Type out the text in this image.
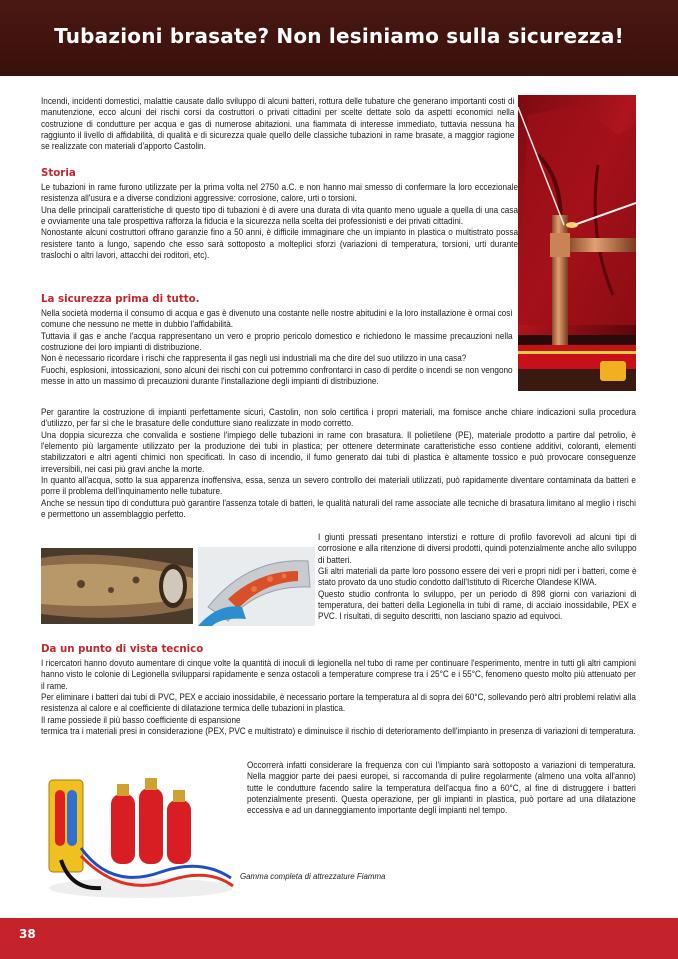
Tubazioni brasate? Non lesiniamo sulla sicurezza!

Incendi, incidenti domestici, malattie causate dallo sviluppo di alcuni batteri, rottura delle tubature che generano importanti costi di manutenzione, ecco alcuni dei rischi corsi da costruttori o privati cittadini per scelte dettate solo da aspetti economici nella costruzione di condutture per acqua e gas di numerose abitazioni. una fiammata di interesse immediato, tuttavia nessuna ha raggiunto il livello di affidabilità, di qualità e di sicurezza quale quello delle classiche tubazioni in rame brasate, a maggior ragione se realizzate con materiali d'apporto Castolin.

Storia

Le tubazioni in rame furono utilizzate per la prima volta nel 2750 a.C. e non hanno mai smesso di confermare la loro eccezionale resistenza all'usura e a diverse condizioni aggressive: corrosione, calore, urti o torsioni.

Una delle principali caratteristiche di questo tipo di tubazioni è di avere una durata di vita quanto meno uguale a quella di una casa e ovviamente una tale prospettiva rafforza la fiducia e la sicurezza nella scelta dei professionisti e dei privati cittadini.

Nonostante alcuni costruttori offrano garanzie fino a 50 anni, è difficile immaginare che un impianto in plastica o multistrato possa resistere tanto a lungo, sapendo che esso sarà sottoposto a molteplici sforzi (variazioni di temperatura, torsioni, urti durante traslochi o altri lavori, attacchi dei roditori, etc).

La sicurezza prima di tutto.

Nella società moderna il consumo di acqua e gas è divenuto una costante nelle nostre abitudini e la loro installazione è ormai così comune che nessuno ne mette in dubbio l'affidabilità.

Tuttavia il gas e anche l'acqua rappresentano un vero e proprio pericolo domestico e richiedono le massime precauzioni nella costruzione dei loro impianti di distribuzione.

Non è necessario ricordare i rischi che rappresenta il gas negli usi industriali ma che dire del suo utilizzo in una casa?

Fuochi, esplosioni, intossicazioni, sono alcuni dei rischi con cui potremmo confrontarci in caso di perdite o incendi se non vengono messe in atto un massimo di precauzioni durante l'installazione degli impianti di distribuzione.

Per garantire la costruzione di impianti perfettamente sicuri, Castolin, non solo certifica i propri materiali, ma fornisce anche chiare indicazioni sulla procedura d'utilizzo, per far sì che le brasature delle condutture siano realizzate in modo corretto.

Una doppia sicurezza che convalida e sostiene l'impiego delle tubazioni in rame con brasatura. Il polietilene (PE), materiale prodotto a partire dal petrolio, è l'elemento più largamente utilizzato per la produzione dei tubi in plastica; per ottenere determinate caratteristiche esso contiene additivi, coloranti, elementi stabilizzatori e altri agenti chimici non specificati. In caso di incendio, il fumo generato dai tubi di plastica è altamente tossico e può provocare conseguenze irreversibili, nei casi più gravi anche la morte.

In quanto all'acqua, sotto la sua apparenza inoffensiva, essa, senza un severo controllo dei materiali utilizzati, può rapidamente diventare contaminata da batteri e porre il problema dell'inquinamento nelle tubature.

Anche se nessun tipo di conduttura può garantire l'assenza totale di batteri, le qualità naturali del rame associate alle tecniche di brasatura limitano al meglio i rischi e permettono un assemblaggio perfetto.

I giunti pressati presentano interstizi e rotture di profilo favorevoli ad alcuni tipi di corrosione e alla ritenzione di diversi prodotti, quindi potenzialmente anche allo sviluppo di batteri.

Gli altri materiali da parte loro possono essere dei veri e propri nidi per i batteri, come è stato provato da uno studio condotto dall'Istituto di Ricerche Olandese KIWA.

Questo studio confronta lo sviluppo, per un periodo di 898 giorni con variazioni di temperatura, dei batteri della Legionella in tubi di rame, di acciaio inossidabile, PEX e PVC. I risultati, di seguito descritti, non lasciano spazio ad equivoci.

Da un punto di vista tecnico

I ricercatori hanno dovuto aumentare di cinque volte la quantità di inoculi di legionella nel tubo di rame per continuare l'esperimento, mentre in tutti gli altri campioni hanno visto le colonie di Legionella svilupparsi rapidamente e senza ostacoli a temperature comprese tra i 25°C e i 55°C, fenomeno questo molto più attenuato per il rame.

Per eliminare i batteri dai tubi di PVC, PEX e acciaio inossidabile, è necessario portare la temperatura al di sopra dei 60°C, sollevando però altri problemi relativi alla resistenza al calore e al coefficiente di dilatazione termica delle tubazioni in plastica.

Il rame possiede il più basso coefficiente di espansione

termica tra i materiali presi in considerazione (PEX, PVC e multistrato) e diminuisce il rischio di deterioramento dell'impianto in presenza di variazioni di temperatura.

Occorrerà infatti considerare la frequenza con cui l'impianto sarà sottoposto a variazioni di temperatura. Nella maggior parte dei paesi europei, si raccomanda di pulire regolarmente (almeno una volta all'anno) tutte le condutture facendo salire la temperatura dell'acqua fino a 60°C, al fine di distruggere i batteri potenzialmente presenti. Questa operazione, per gli impianti in plastica, può portare ad una dilatazione eccessiva e ad un danneggiamento importante degli impianti nel tempo.

Gamma completa di attrezzature Fiamma
38
